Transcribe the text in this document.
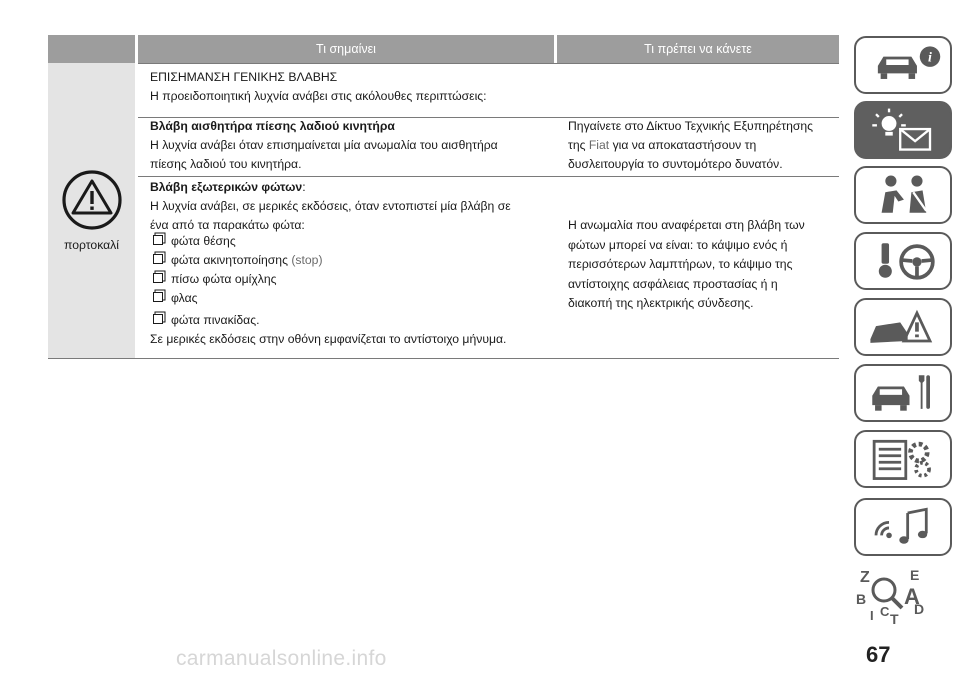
Τι σημαίνει	Τι πρέπει να κάνετε
πορτοκαλί
ΕΠΙΣΗΜΑΝΣΗ ΓΕΝΙΚΗΣ ΒΛΑΒΗΣ
Η προειδοποιητική λυχνία ανάβει στις ακόλουθες περιπτώσεις:
Βλάβη αισθητήρα πίεσης λαδιού κινητήρα
Η λυχνία ανάβει όταν επισημαίνεται μία ανωμαλία του αισθητήρα
πίεσης λαδιού του κινητήρα.
Πηγαίνετε στο Δίκτυο Τεχνικής Εξυπηρέτησης
της Fiat για να αποκαταστήσουν τη
δυσλειτουργία το συντομότερο δυνατόν.
Βλάβη εξωτερικών φώτων:
Η λυχνία ανάβει, σε μερικές εκδόσεις, όταν εντοπιστεί μία βλάβη σε
ένα από τα παρακάτω φώτα:
φώτα θέσης
φώτα ακινητοποίησης (stop)
πίσω φώτα ομίχλης
φλας
φώτα πινακίδας.
Σε μερικές εκδόσεις στην οθόνη εμφανίζεται το αντίστοιχο μήνυμα.
Η ανωμαλία που αναφέρεται στη βλάβη των
φώτων μπορεί να είναι: το κάψιμο ενός ή
περισσότερων λαμπτήρων, το κάψιμο της
αντίστοιχης ασφάλειας προστασίας ή η
διακοπή της ηλεκτρικής σύνδεσης.
i
Z	E
B A
C D
T
I
67
carmanualsonline.info
